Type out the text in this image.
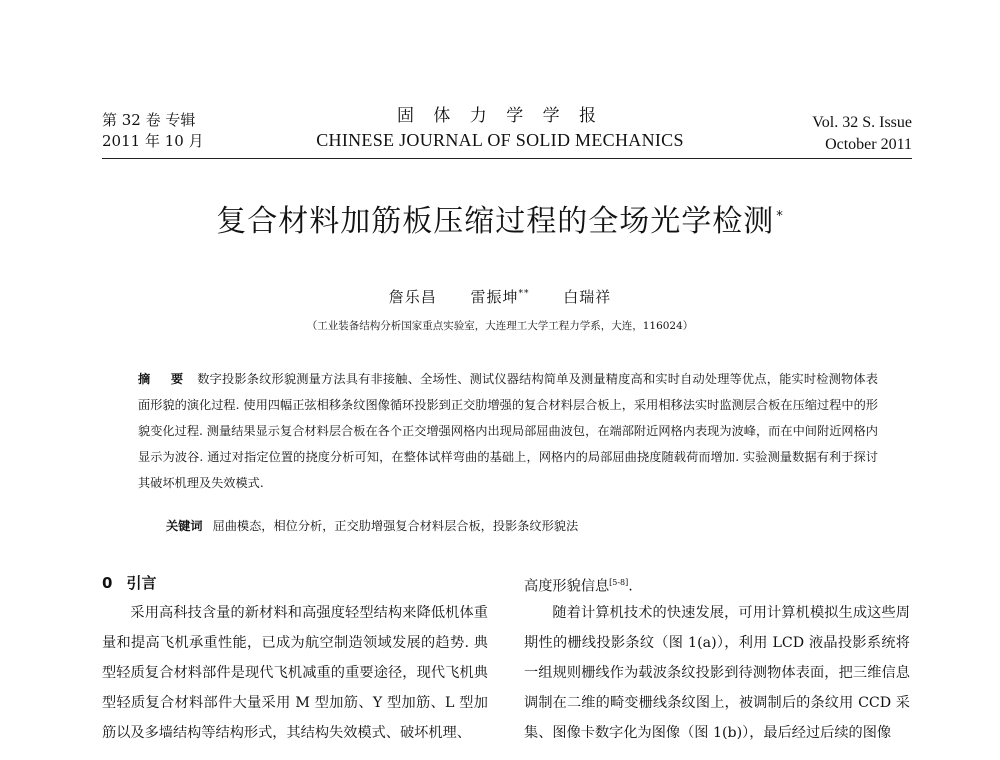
第 32 卷 专辑
2011 年 10 月
固 体 力 学 学 报
CHINESE JOURNAL OF SOLID MECHANICS
Vol. 32 S. Issue
October 2011
复合材料加筋板压缩过程的全场光学检测 *
詹乐昌 雷振坤** 白瑞祥
（工业装备结构分析国家重点实验室，大连理工大学工程力学系，大连，116024）
摘 要 数字投影条纹形貌测量方法具有非接触、全场性、测试仪器结构简单及测量精度高和实时自动处理等优点，能实时检测物体表面形貌的演化过程. 使用四幅正弦相移条纹图像循环投影到正交肋增强的复合材料层合板上，采用相移法实时监测层合板在压缩过程中的形貌变化过程. 测量结果显示复合材料层合板在各个正交增强网格内出现局部屈曲波包，在端部附近网格内表现为波峰，而在中间附近网格内显示为波谷. 通过对指定位置的挠度分析可知，在整体试样弯曲的基础上，网格内的局部屈曲挠度随载荷而增加. 实验测量数据有利于探讨其破坏机理及失效模式.
关键词 屈曲模态，相位分析，正交肋增强复合材料层合板，投影条纹形貌法
0 引言

采用高科技含量的新材料和高强度轻型结构来降低机体重量和提高飞机承重性能，已成为航空制造领域发展的趋势. 典型轻质复合材料部件是现代飞机减重的重要途径，现代飞机典型轻质复合材料部件大量采用 M 型加筋、Y 型加筋、L 型加筋以及多墙结构等结构形式，其结构失效模式、破坏机理、

高度形貌信息[5-8].

随着计算机技术的快速发展，可用计算机模拟生成这些周期性的栅线投影条纹（图 1(a)），利用 LCD 液晶投影系统将一组规则栅线作为载波条纹投影到待测物体表面，把三维信息调制在二维的畸变栅线条纹图上，被调制后的条纹用 CCD 采集、图像卡数字化为图像（图 1(b)），最后经过后续的图像
